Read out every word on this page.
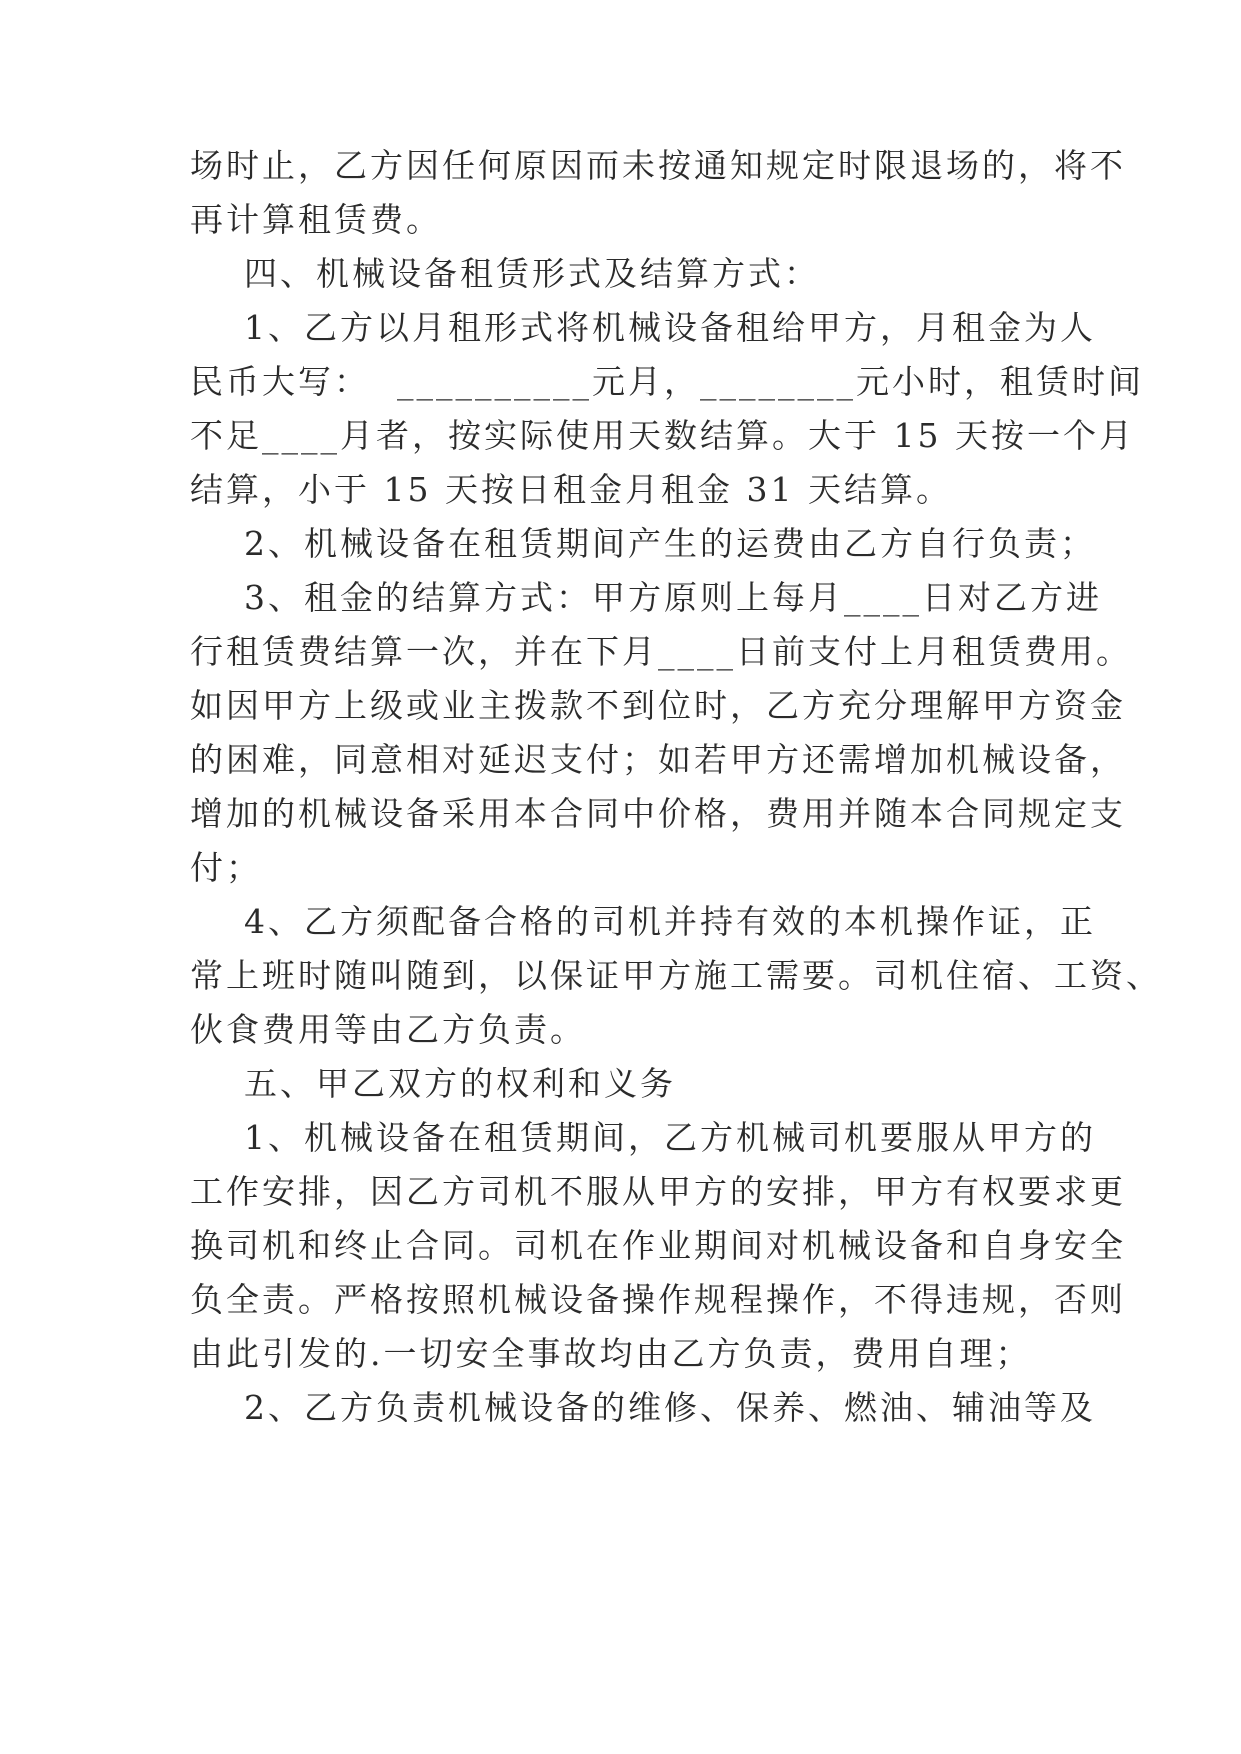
场时止，乙方因任何原因而未按通知规定时限退场的，将不
再计算租赁费。
四、机械设备租赁形式及结算方式：
1、乙方以月租形式将机械设备租给甲方，月租金为人
民币大写：  __________元月，________元小时，租赁时间
不足____月者，按实际使用天数结算。大于 15 天按一个月
结算，小于 15 天按日租金月租金 31 天结算。
2、机械设备在租赁期间产生的运费由乙方自行负责；
3、租金的结算方式：甲方原则上每月____日对乙方进
行租赁费结算一次，并在下月____日前支付上月租赁费用。
如因甲方上级或业主拨款不到位时，乙方充分理解甲方资金
的困难，同意相对延迟支付；如若甲方还需增加机械设备，
增加的机械设备采用本合同中价格，费用并随本合同规定支
付；
4、乙方须配备合格的司机并持有效的本机操作证，正
常上班时随叫随到，以保证甲方施工需要。司机住宿、工资、
伙食费用等由乙方负责。
五、甲乙双方的权利和义务
1、机械设备在租赁期间，乙方机械司机要服从甲方的
工作安排，因乙方司机不服从甲方的安排，甲方有权要求更
换司机和终止合同。司机在作业期间对机械设备和自身安全
负全责。严格按照机械设备操作规程操作，不得违规，否则
由此引发的.一切安全事故均由乙方负责，费用自理；
2、乙方负责机械设备的维修、保养、燃油、辅油等及
